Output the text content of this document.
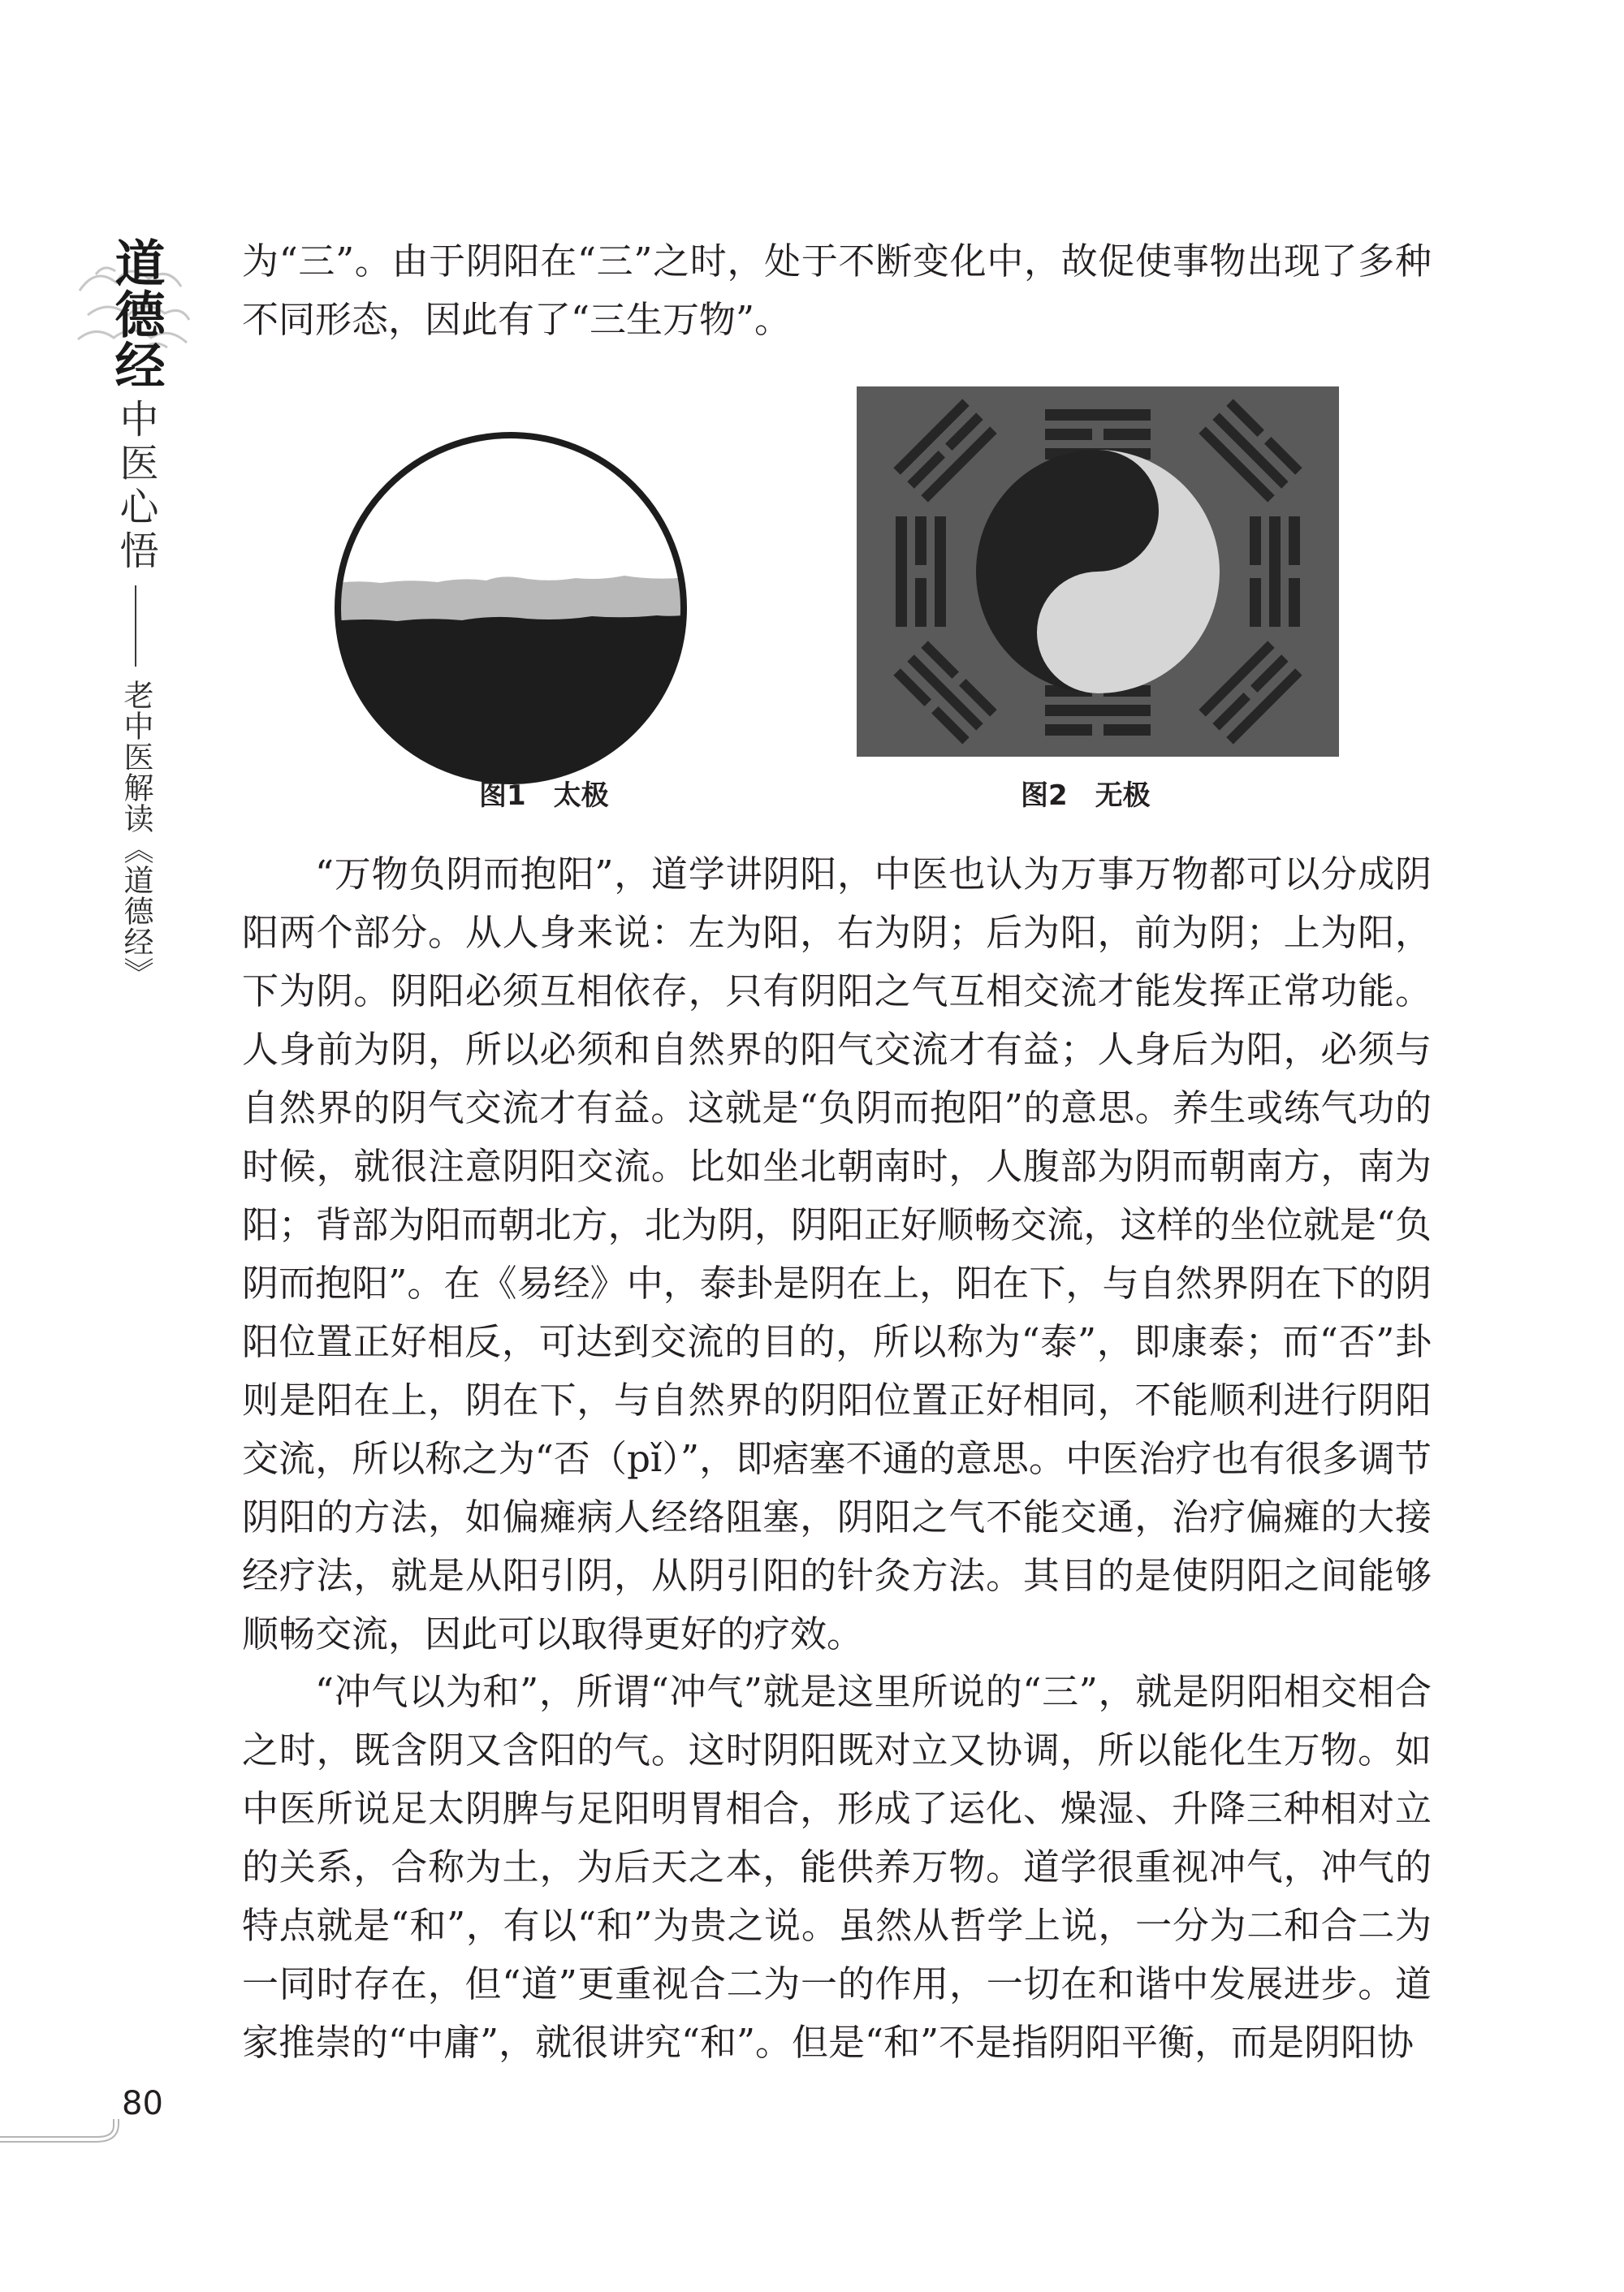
道德经
中医心悟
老中医解读《道德经》

为“三”。由于阴阳在“三”之时，处于不断变化中，故促使事物出现了多种不同形态，因此有了“三生万物”。

图1　太极	图2　无极

“万物负阴而抱阳”，道学讲阴阳，中医也认为万事万物都可以分成阴阳两个部分。从人身来说：左为阳，右为阴；后为阳，前为阴；上为阳，下为阴。阴阳必须互相依存，只有阴阳之气互相交流才能发挥正常功能。人身前为阴，所以必须和自然界的阳气交流才有益；人身后为阳，必须与自然界的阴气交流才有益。这就是“负阴而抱阳”的意思。养生或练气功的时候，就很注意阴阳交流。比如坐北朝南时，人腹部为阴而朝南方，南为阳；背部为阳而朝北方，北为阴，阴阳正好顺畅交流，这样的坐位就是“负阴而抱阳”。在《易经》中，泰卦是阴在上，阳在下，与自然界阴在下的阴阳位置正好相反，可达到交流的目的，所以称为“泰”，即康泰；而“否”卦则是阳在上，阴在下，与自然界的阴阳位置正好相同，不能顺利进行阴阳交流，所以称之为“否（pǐ）”，即痞塞不通的意思。中医治疗也有很多调节阴阳的方法，如偏瘫病人经络阻塞，阴阳之气不能交通，治疗偏瘫的大接经疗法，就是从阳引阴，从阴引阳的针灸方法。其目的是使阴阳之间能够顺畅交流，因此可以取得更好的疗效。

“冲气以为和”，所谓“冲气”就是这里所说的“三”，就是阴阳相交相合之时，既含阴又含阳的气。这时阴阳既对立又协调，所以能化生万物。如中医所说足太阴脾与足阳明胃相合，形成了运化、燥湿、升降三种相对立的关系，合称为土，为后天之本，能供养万物。道学很重视冲气，冲气的特点就是“和”，有以“和”为贵之说。虽然从哲学上说，一分为二和合二为一同时存在，但“道”更重视合二为一的作用，一切在和谐中发展进步。道家推崇的“中庸”，就很讲究“和”。但是“和”不是指阴阳平衡，而是阴阳协

80
